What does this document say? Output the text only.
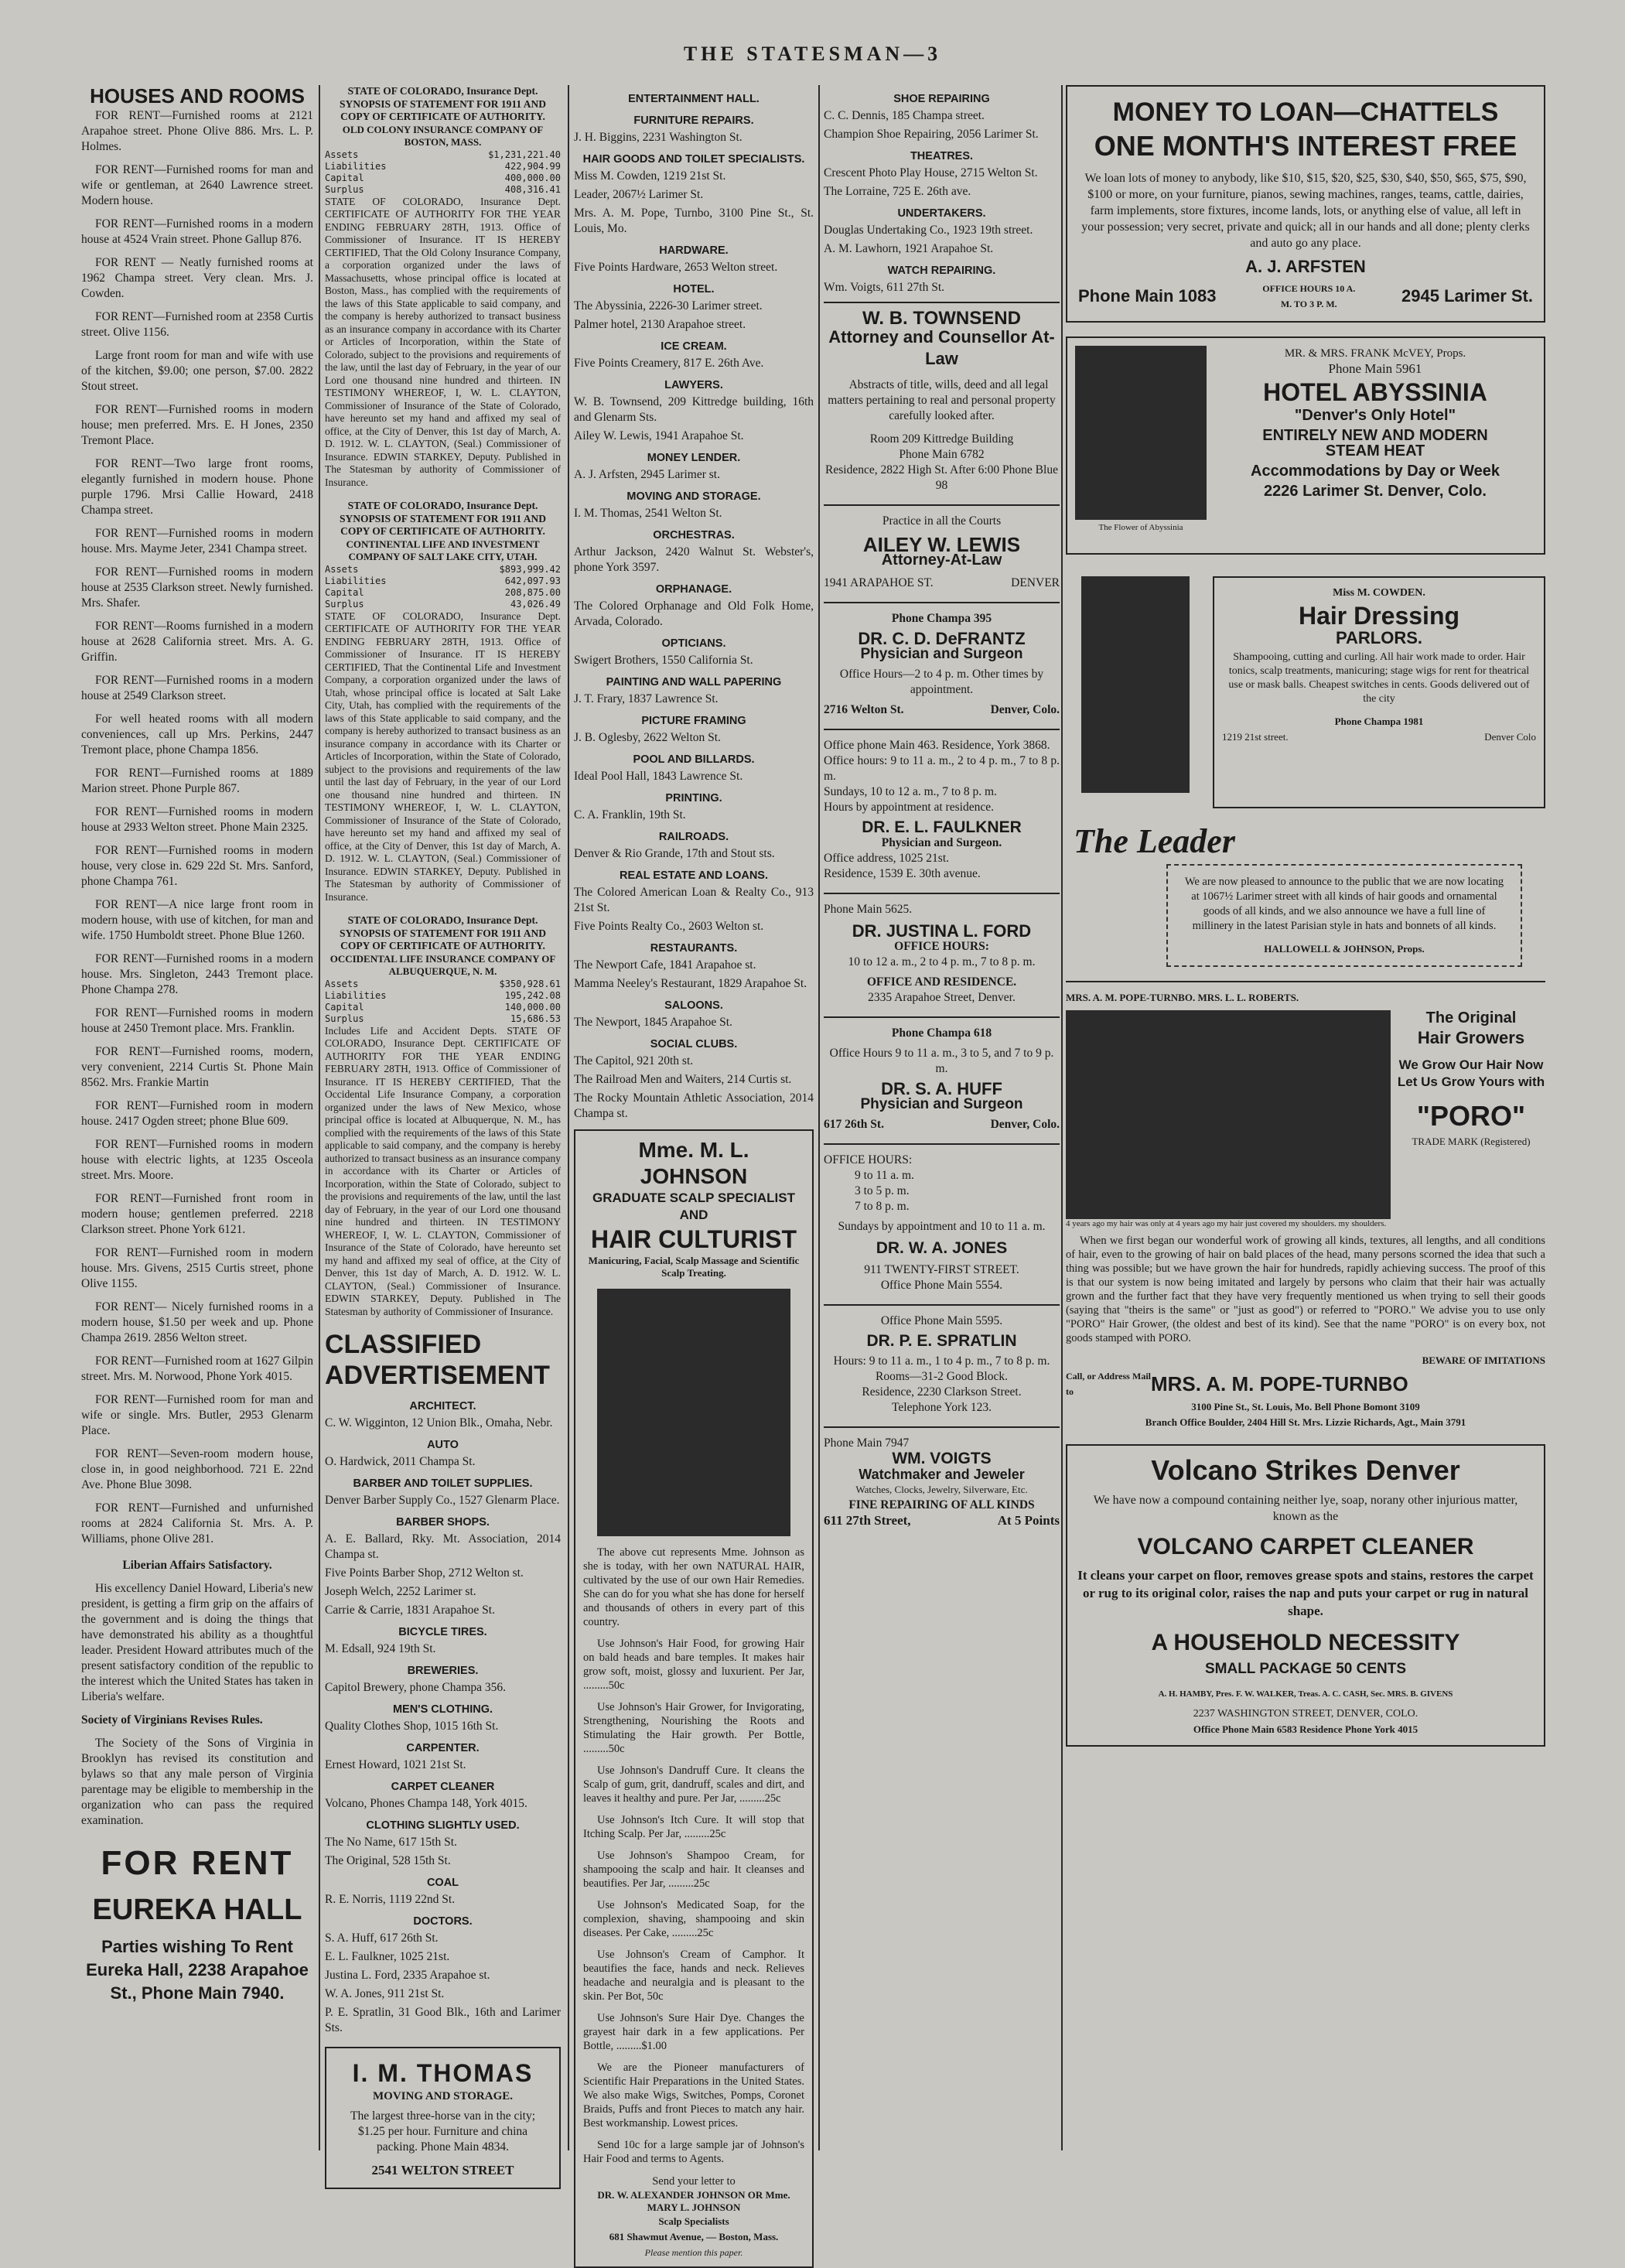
THE STATESMAN—3
HOUSES AND ROOMS

FOR RENT—Furnished rooms at 2121 Arapahoe street. Phone Olive 886. Mrs. L. P. Holmes.

FOR RENT—Furnished rooms for man and wife or gentleman, at 2640 Lawrence street. Modern house.

FOR RENT—Furnished rooms in a modern house at 4524 Vrain street. Phone Gallup 876.

FOR RENT — Neatly furnished rooms at 1962 Champa street. Very clean. Mrs. J. Cowden.

FOR RENT—Furnished room at 2358 Curtis street. Olive 1156.

Large front room for man and wife with use of the kitchen, $9.00; one person, $7.00. 2822 Stout street.

FOR RENT—Furnished rooms in modern house; men preferred. Mrs. E. H Jones, 2350 Tremont Place.

FOR RENT—Two large front rooms, elegantly furnished in modern house. Phone purple 1796. Mrsi Callie Howard, 2418 Champa street.

FOR RENT—Furnished rooms in modern house. Mrs. Mayme Jeter, 2341 Champa street.

FOR RENT—Furnished rooms in modern house at 2535 Clarkson street. Newly furnished. Mrs. Shafer.

FOR RENT—Rooms furnished in a modern house at 2628 California street. Mrs. A. G. Griffin.

FOR RENT—Furnished rooms in a modern house at 2549 Clarkson street.

For well heated rooms with all modern conveniences, call up Mrs. Perkins, 2447 Tremont place, phone Champa 1856.

FOR RENT—Furnished rooms at 1889 Marion street. Phone Purple 867.

FOR RENT—Furnished rooms in modern house at 2933 Welton street. Phone Main 2325.

FOR RENT—Furnished rooms in modern house, very close in. 629 22d St. Mrs. Sanford, phone Champa 761.

FOR RENT—A nice large front room in modern house, with use of kitchen, for man and wife. 1750 Humboldt street. Phone Blue 1260.

FOR RENT—Furnished rooms in a modern house. Mrs. Singleton, 2443 Tremont place. Phone Champa 278.

FOR RENT—Furnished rooms in modern house at 2450 Tremont place. Mrs. Franklin.

FOR RENT—Furnished rooms, modern, very convenient, 2214 Curtis St. Phone Main 8562. Mrs. Frankie Martin

FOR RENT—Furnished room in modern house. 2417 Ogden street; phone Blue 609.

FOR RENT—Furnished rooms in modern house with electric lights, at 1235 Osceola street. Mrs. Moore.

FOR RENT—Furnished front room in modern house; gentlemen preferred. 2218 Clarkson street. Phone York 6121.

FOR RENT—Furnished room in modern house. Mrs. Givens, 2515 Curtis street, phone Olive 1155.

FOR RENT— Nicely furnished rooms in a modern house, $1.50 per week and up. Phone Champa 2619. 2856 Welton street.

FOR RENT—Furnished room at 1627 Gilpin street. Mrs. M. Norwood, Phone York 4015.

FOR RENT—Furnished room for man and wife or single. Mrs. Butler, 2953 Glenarm Place.

FOR RENT—Seven-room modern house, close in, in good neighborhood. 721 E. 22nd Ave. Phone Blue 3098.

FOR RENT—Furnished and unfurnished rooms at 2824 California St. Mrs. A. P. Williams, phone Olive 281.

Liberian Affairs Satisfactory.

His excellency Daniel Howard, Liberia's new president, is getting a firm grip on the affairs of the government and is doing the things that have demonstrated his ability as a thoughtful leader. President Howard attributes much of the present satisfactory condition of the republic to the interest which the United States has taken in Liberia's welfare.

Society of Virginians Revises Rules.

The Society of the Sons of Virginia in Brooklyn has revised its constitution and bylaws so that any male person of Virginia parentage may be eligible to membership in the organization who can pass the required examination.

FOR RENT
EUREKA HALL

Parties wishing To Rent Eureka Hall, 2238 Arapahoe St., Phone Main 7940.

STATE OF COLORADO, Insurance Dept. SYNOPSIS OF STATEMENT FOR 1911 AND COPY OF CERTIFICATE OF AUTHORITY.
OLD COLONY INSURANCE COMPANY OF BOSTON, MASS.
Assets	$1,231,221.40
Liabilities	422,904.99
Capital	400,000.00
Surplus	408,316.41
STATE OF COLORADO, Insurance Dept. CERTIFICATE OF AUTHORITY FOR THE YEAR ENDING FEBRUARY 28TH, 1913. Office of Commissioner of Insurance. IT IS HEREBY CERTIFIED, That the Old Colony Insurance Company, a corporation organized under the laws of Massachusetts, whose principal office is located at Boston, Mass., has complied with the requirements of the laws of this State applicable to said company, and the company is hereby authorized to transact business as an insurance company in accordance with its Charter or Articles of Incorporation, within the State of Colorado, subject to the provisions and requirements of the law, until the last day of February, in the year of our Lord one thousand nine hundred and thirteen. IN TESTIMONY WHEREOF, I, W. L. CLAYTON, Commissioner of Insurance of the State of Colorado, have hereunto set my hand and affixed my seal of office, at the City of Denver, this 1st day of March, A. D. 1912. W. L. CLAYTON, (Seal.) Commissioner of Insurance. EDWIN STARKEY, Deputy. Published in The Statesman by authority of Commissioner of Insurance.
STATE OF COLORADO, Insurance Dept. SYNOPSIS OF STATEMENT FOR 1911 AND COPY OF CERTIFICATE OF AUTHORITY.
CONTINENTAL LIFE AND INVESTMENT COMPANY OF SALT LAKE CITY, UTAH.
Assets	$893,999.42
Liabilities	642,097.93
Capital	208,875.00
Surplus	43,026.49
STATE OF COLORADO, Insurance Dept. CERTIFICATE OF AUTHORITY FOR THE YEAR ENDING FEBRUARY 28TH, 1913. Office of Commissioner of Insurance. IT IS HEREBY CERTIFIED, That the Continental Life and Investment Company, a corporation organized under the laws of Utah, whose principal office is located at Salt Lake City, Utah, has complied with the requirements of the laws of this State applicable to said company, and the company is hereby authorized to transact business as an insurance company in accordance with its Charter or Articles of Incorporation, within the State of Colorado, subject to the provisions and requirements of the law until the last day of February, in the year of our Lord one thousand nine hundred and thirteen. IN TESTIMONY WHEREOF, I, W. L. CLAYTON, Commissioner of Insurance of the State of Colorado, have hereunto set my hand and affixed my seal of office, at the City of Denver, this 1st day of March, A. D. 1912. W. L. CLAYTON, (Seal.) Commissioner of Insurance. EDWIN STARKEY, Deputy. Published in The Statesman by authority of Commissioner of Insurance.
STATE OF COLORADO, Insurance Dept. SYNOPSIS OF STATEMENT FOR 1911 AND COPY OF CERTIFICATE OF AUTHORITY.
OCCIDENTAL LIFE INSURANCE COMPANY OF ALBUQUERQUE, N. M.
Assets	$350,928.61
Liabilities	195,242.08
Capital	140,000.00
Surplus	15,686.53
Includes Life and Accident Depts. STATE OF COLORADO, Insurance Dept. CERTIFICATE OF AUTHORITY FOR THE YEAR ENDING FEBRUARY 28TH, 1913. Office of Commissioner of Insurance. IT IS HEREBY CERTIFIED, That the Occidental Life Insurance Company, a corporation organized under the laws of New Mexico, whose principal office is located at Albuquerque, N. M., has complied with the requirements of the laws of this State applicable to said company, and the company is hereby authorized to transact business as an insurance company in accordance with its Charter or Articles of Incorporation, within the State of Colorado, subject to the provisions and requirements of the law, until the last day of February, in the year of our Lord one thousand nine hundred and thirteen. IN TESTIMONY WHEREOF, I, W. L. CLAYTON, Commissioner of Insurance of the State of Colorado, have hereunto set my hand and affixed my seal of office, at the City of Denver, this 1st day of March, A. D. 1912. W. L. CLAYTON, (Seal.) Commissioner of Insurance. EDWIN STARKEY, Deputy. Published in The Statesman by authority of Commissioner of Insurance.
CLASSIFIED ADVERTISEMENT
ARCHITECT.

C. W. Wigginton, 12 Union Blk., Omaha, Nebr.

AUTO

O. Hardwick, 2011 Champa St.

BARBER AND TOILET SUPPLIES.

Denver Barber Supply Co., 1527 Glenarm Place.

BARBER SHOPS.

A. E. Ballard, Rky. Mt. Association, 2014 Champa st.

Five Points Barber Shop, 2712 Welton st.

Joseph Welch, 2252 Larimer st.

Carrie & Carrie, 1831 Arapahoe St.

BICYCLE TIRES.

M. Edsall, 924 19th St.

BREWERIES.

Capitol Brewery, phone Champa 356.

MEN'S CLOTHING.

Quality Clothes Shop, 1015 16th St.

CARPENTER.

Ernest Howard, 1021 21st St.

CARPET CLEANER

Volcano, Phones Champa 148, York 4015.

CLOTHING SLIGHTLY USED.

The No Name, 617 15th St.

The Original, 528 15th St.

COAL

R. E. Norris, 1119 22nd St.

DOCTORS.

S. A. Huff, 617 26th St.

E. L. Faulkner, 1025 21st.

Justina L. Ford, 2335 Arapahoe st.

W. A. Jones, 911 21st St.

P. E. Spratlin, 31 Good Blk., 16th and Larimer Sts.

I. M. THOMAS
MOVING AND STORAGE.

The largest three-horse van in the city; $1.25 per hour. Furniture and china packing. Phone Main 4834.

2541 WELTON STREET
ENTERTAINMENT HALL.
FURNITURE REPAIRS.

J. H. Biggins, 2231 Washington St.

HAIR GOODS AND TOILET SPECIALISTS.

Miss M. Cowden, 1219 21st St.

Leader, 2067½ Larimer St.

Mrs. A. M. Pope, Turnbo, 3100 Pine St., St. Louis, Mo.

HARDWARE.

Five Points Hardware, 2653 Welton street.

HOTEL.

The Abyssinia, 2226-30 Larimer street.

Palmer hotel, 2130 Arapahoe street.

ICE CREAM.

Five Points Creamery, 817 E. 26th Ave.

LAWYERS.

W. B. Townsend, 209 Kittredge building, 16th and Glenarm Sts.

Ailey W. Lewis, 1941 Arapahoe St.

MONEY LENDER.

A. J. Arfsten, 2945 Larimer st.

MOVING AND STORAGE.

I. M. Thomas, 2541 Welton St.

ORCHESTRAS.

Arthur Jackson, 2420 Walnut St. Webster's, phone York 3597.

ORPHANAGE.

The Colored Orphanage and Old Folk Home, Arvada, Colorado.

OPTICIANS.

Swigert Brothers, 1550 California St.

PAINTING AND WALL PAPERING

J. T. Frary, 1837 Lawrence St.

PICTURE FRAMING

J. B. Oglesby, 2622 Welton St.

POOL AND BILLARDS.

Ideal Pool Hall, 1843 Lawrence St.

PRINTING.

C. A. Franklin, 19th St.

RAILROADS.

Denver & Rio Grande, 17th and Stout sts.

REAL ESTATE AND LOANS.

The Colored American Loan & Realty Co., 913 21st St.

Five Points Realty Co., 2603 Welton st.

RESTAURANTS.

The Newport Cafe, 1841 Arapahoe st.

Mamma Neeley's Restaurant, 1829 Arapahoe St.

SALOONS.

The Newport, 1845 Arapahoe St.

SOCIAL CLUBS.

The Capitol, 921 20th st.

The Railroad Men and Waiters, 214 Curtis st.

The Rocky Mountain Athletic Association, 2014 Champa st.

Mme. M. L. JOHNSON
GRADUATE SCALP SPECIALIST AND
HAIR CULTURIST
Manicuring, Facial, Scalp Massage and Scientific Scalp Treating.

The above cut represents Mme. Johnson as she is today, with her own NATURAL HAIR, cultivated by the use of our own Hair Remedies. She can do for you what she has done for herself and thousands of others in every part of this country.

Use Johnson's Hair Food, for growing Hair on bald heads and bare temples. It makes hair grow soft, moist, glossy and luxurient. Per Jar, .........50c

Use Johnson's Hair Grower, for Invigorating, Strengthening, Nourishing the Roots and Stimulating the Hair growth. Per Bottle, .........50c

Use Johnson's Dandruff Cure. It cleans the Scalp of gum, grit, dandruff, scales and dirt, and leaves it healthy and pure. Per Jar, .........25c

Use Johnson's Itch Cure. It will stop that Itching Scalp. Per Jar, .........25c

Use Johnson's Shampoo Cream, for shampooing the scalp and hair. It cleanses and beautifies. Per Jar, .........25c

Use Johnson's Medicated Soap, for the complexion, shaving, shampooing and skin diseases. Per Cake, .........25c

Use Johnson's Cream of Camphor. It beautifies the face, hands and neck. Relieves headache and neuralgia and is pleasant to the skin. Per Bot, 50c

Use Johnson's Sure Hair Dye. Changes the grayest hair dark in a few applications. Per Bottle, .........$1.00

We are the Pioneer manufacturers of Scientific Hair Preparations in the United States. We also make Wigs, Switches, Pomps, Coronet Braids, Puffs and front Pieces to match any hair. Best workmanship. Lowest prices.

Send 10c for a large sample jar of Johnson's Hair Food and terms to Agents.

Send your letter to
DR. W. ALEXANDER JOHNSON OR Mme. MARY L. JOHNSON
Scalp Specialists
681 Shawmut Avenue, — Boston, Mass.
Please mention this paper.
SHOE REPAIRING

C. C. Dennis, 185 Champa street.

Champion Shoe Repairing, 2056 Larimer St.

THEATRES.

Crescent Photo Play House, 2715 Welton St.

The Lorraine, 725 E. 26th ave.

UNDERTAKERS.

Douglas Undertaking Co., 1923 19th street.

A. M. Lawhorn, 1921 Arapahoe St.

WATCH REPAIRING.

Wm. Voigts, 611 27th St.

W. B. TOWNSEND
Attorney and Counsellor At-Law

Abstracts of title, wills, deed and all legal matters pertaining to real and personal property carefully looked after.

Room 209 Kittredge Building
Phone Main 6782
Residence, 2822 High St. After 6:00 Phone Blue 98
Practice in all the Courts
AILEY W. LEWIS
Attorney-At-Law
1941 ARAPAHOE ST.	DENVER
Phone Champa 395
DR. C. D. DeFRANTZ
Physician and Surgeon
Office Hours—2 to 4 p. m. Other times by appointment.
2716 Welton St.	Denver, Colo.
Office phone Main 463. Residence, York 3868.
Office hours: 9 to 11 a. m., 2 to 4 p. m., 7 to 8 p. m.
Sundays, 10 to 12 a. m., 7 to 8 p. m.
Hours by appointment at residence.
DR. E. L. FAULKNER
Physician and Surgeon.
Office address, 1025 21st.
Residence, 1539 E. 30th avenue.
Phone Main 5625.
DR. JUSTINA L. FORD
OFFICE HOURS:
10 to 12 a. m., 2 to 4 p. m., 7 to 8 p. m.
OFFICE AND RESIDENCE.
2335 Arapahoe Street, Denver.
Phone Champa 618
Office Hours 9 to 11 a. m., 3 to 5, and 7 to 9 p. m.
DR. S. A. HUFF
Physician and Surgeon
617 26th St.	Denver, Colo.
OFFICE HOURS:
9 to 11 a. m.
3 to 5 p. m.
7 to 8 p. m.
Sundays by appointment and 10 to 11 a. m.
DR. W. A. JONES
911 TWENTY-FIRST STREET.
Office Phone Main 5554.
Office Phone Main 5595.
DR. P. E. SPRATLIN
Hours: 9 to 11 a. m., 1 to 4 p. m., 7 to 8 p. m.
Rooms—31-2 Good Block.
Residence, 2230 Clarkson Street.
Telephone York 123.
Phone Main 7947
WM. VOIGTS
Watchmaker and Jeweler
Watches, Clocks, Jewelry, Silverware, Etc.
FINE REPAIRING OF ALL KINDS
611 27th Street,	At 5 Points
MONEY TO LOAN—CHATTELS
ONE MONTH'S INTEREST FREE

We loan lots of money to anybody, like $10, $15, $20, $25, $30, $40, $50, $65, $75, $90, $100 or more, on your furniture, pianos, sewing machines, ranges, teams, cattle, dairies, farm implements, store fixtures, income lands, lots, or anything else of value, all left in your possession; very secret, private and quick; all in our hands and all done; plenty clerks and auto go any place.

A. J. ARFSTEN
Phone Main 1083	OFFICE HOURS 10 A. M. TO 3 P. M.	2945 Larimer St.
The Flower of Abyssinia
MR. & MRS. FRANK McVEY, Props.
Phone Main 5961
HOTEL ABYSSINIA
"Denver's Only Hotel"
ENTIRELY NEW AND MODERN
STEAM HEAT
Accommodations by Day or Week
2226 Larimer St. Denver, Colo.
Miss M. COWDEN.
Hair Dressing
PARLORS.

Shampooing, cutting and curling. All hair work made to order. Hair tonics, scalp treatments, manicuring; stage wigs for rent for theatrical use or mask balls. Cheapest switches in cents. Goods delivered out of the city

Phone Champa 1981
1219 21st street.	Denver Colo
The Leader

We are now pleased to announce to the public that we are now locating at 1067½ Larimer street with all kinds of hair goods and ornamental goods of all kinds, and we also announce we have a full line of millinery in the latest Parisian style in hats and bonnets of all kinds.

HALLOWELL & JOHNSON, Props.
MRS. A. M. POPE-TURNBO. MRS. L. L. ROBERTS.
The Original
Hair Growers
We Grow Our Hair Now Let Us Grow Yours with
"PORO"
TRADE MARK (Registered)
4 years ago my hair was only at 4 years ago my hair just covered my shoulders. my shoulders.

When we first began our wonderful work of growing all kinds, textures, all lengths, and all conditions of hair, even to the growing of hair on bald places of the head, many persons scorned the idea that such a thing was possible; but we have grown the hair for hundreds, rapidly achieving success. The proof of this is that our system is now being imitated and largely by persons who claim that their hair was actually grown and the further fact that they have very frequently mentioned us when trying to sell their goods (saying that "theirs is the same" or "just as good") or referred to "PORO." We advise you to use only "PORO" Hair Grower, (the oldest and best of its kind). See that the name "PORO" is on every box, not goods stamped with PORO.

BEWARE OF IMITATIONS
Call, or Address Mail to	MRS. A. M. POPE-TURNBO
3100 Pine St., St. Louis, Mo. Bell Phone Bomont 3109
Branch Office Boulder, 2404 Hill St. Mrs. Lizzie Richards, Agt., Main 3791
Volcano Strikes Denver

We have now a compound containing neither lye, soap, norany other injurious matter, known as the

VOLCANO CARPET CLEANER

It cleans your carpet on floor, removes grease spots and stains, restores the carpet or rug to its original color, raises the nap and puts your carpet or rug in natural shape.

A HOUSEHOLD NECESSITY
SMALL PACKAGE 50 CENTS
A. H. HAMBY, Pres. F. W. WALKER, Treas. A. C. CASH, Sec. MRS. B. GIVENS
2237 WASHINGTON STREET, DENVER, COLO.
Office Phone Main 6583 Residence Phone York 4015
